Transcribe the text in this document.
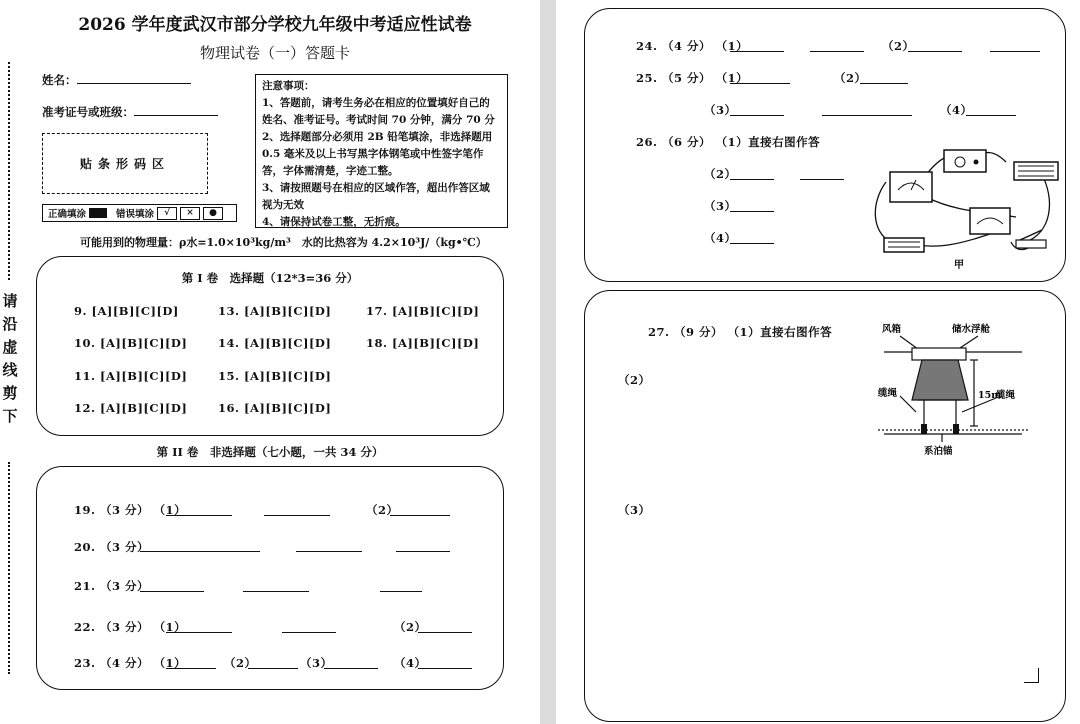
2026 学年度武汉市部分学校九年级中考适应性试卷
物理试卷（一）答题卡
姓名：
准考证号或班级：
贴条形码区
正确填涂	错误填涂	√	×	●
注意事项：
1、答题前，请考生务必在相应的位置填好自己的
姓名、准考证号。考试时间 70 分钟，满分 70 分
2、选择题部分必须用 2B 铅笔填涂，非选择题用
0.5 毫米及以上书写黑字体钢笔或中性签字笔作
答，字体需清楚，字迹工整。
3、请按照题号在相应的区域作答，超出作答区域
视为无效
4、请保持试卷工整，无折痕。
可能用到的物理量：ρ水=1.0×10³kg/m³　水的比热容为 4.2×10³J/（kg•℃）
第 I 卷　选择题（12*3=36 分）
9. [A][B][C][D]	13. [A][B][C][D]	17. [A][B][C][D]
10. [A][B][C][D]	14. [A][B][C][D]	18. [A][B][C][D]
11. [A][B][C][D]	15. [A][B][C][D]
12. [A][B][C][D]	16. [A][B][C][D]
第 II 卷　非选择题（七小题，一共 34 分）
19. （3 分） （1）	（2）
20. （3 分）
21. （3 分）
22. （3 分） （1）	（2）
23. （4 分） （1）	（2）	（3）	（4）
请
沿
虚
线
剪
下
24. （4 分） （1）	（2）
25. （5 分） （1）	（2）
（3）	（4）
26. （6 分） （1）直接右图作答
（2）
（3）
（4）
甲
27. （9 分） （1）直接右图作答
（2）
（3）
风箱	储水浮舱
15m
缆绳	缆绳
系泊锚
